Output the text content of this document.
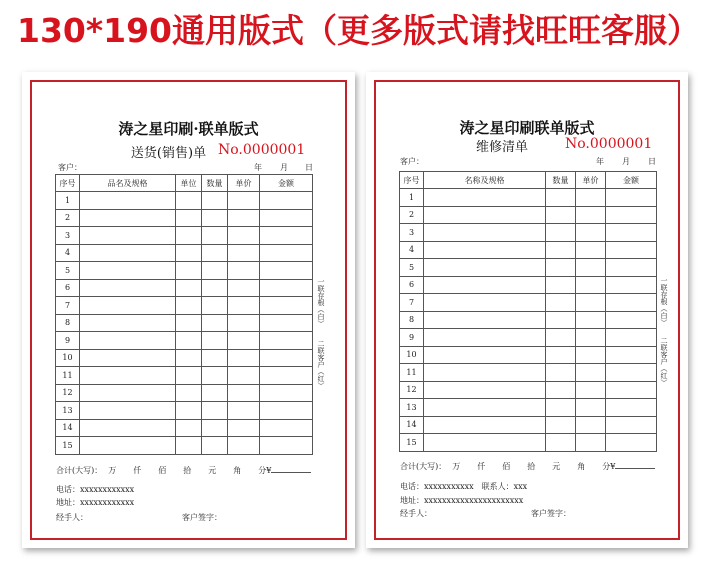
130*190通用版式（更多版式请找旺旺客服）
涛之星印刷·联单版式
送货(销售)单 No.0000001
客户：	年 月 日
序号	品名及规格	单位	数量	单价	金额
1					
2					
3					
4					
5					
6					
7					
8					
9					
10					
11					
12					
13					
14					
15					
一联存根（白）
二联客户（红）
合计(大写)： 万 仟 佰 拾 元 角 分¥
电话：xxxxxxxxxxxx
地址：xxxxxxxxxxxx
经手人：	客户签字：
涛之星印刷联单版式
维修清单	No.0000001
客户：	年 月 日
序号	名称及规格	数量	单价	金额
1				
2				
3				
4				
5				
6				
7				
8				
9				
10				
11				
12				
13				
14				
15				
一联存根（白）
二联客户（红）
合计(大写)： 万 仟 佰 拾 元 角 分¥
电话：xxxxxxxxxxx　联系人：xxx
地址：xxxxxxxxxxxxxxxxxxxxxx
经手人：	客户签字：
